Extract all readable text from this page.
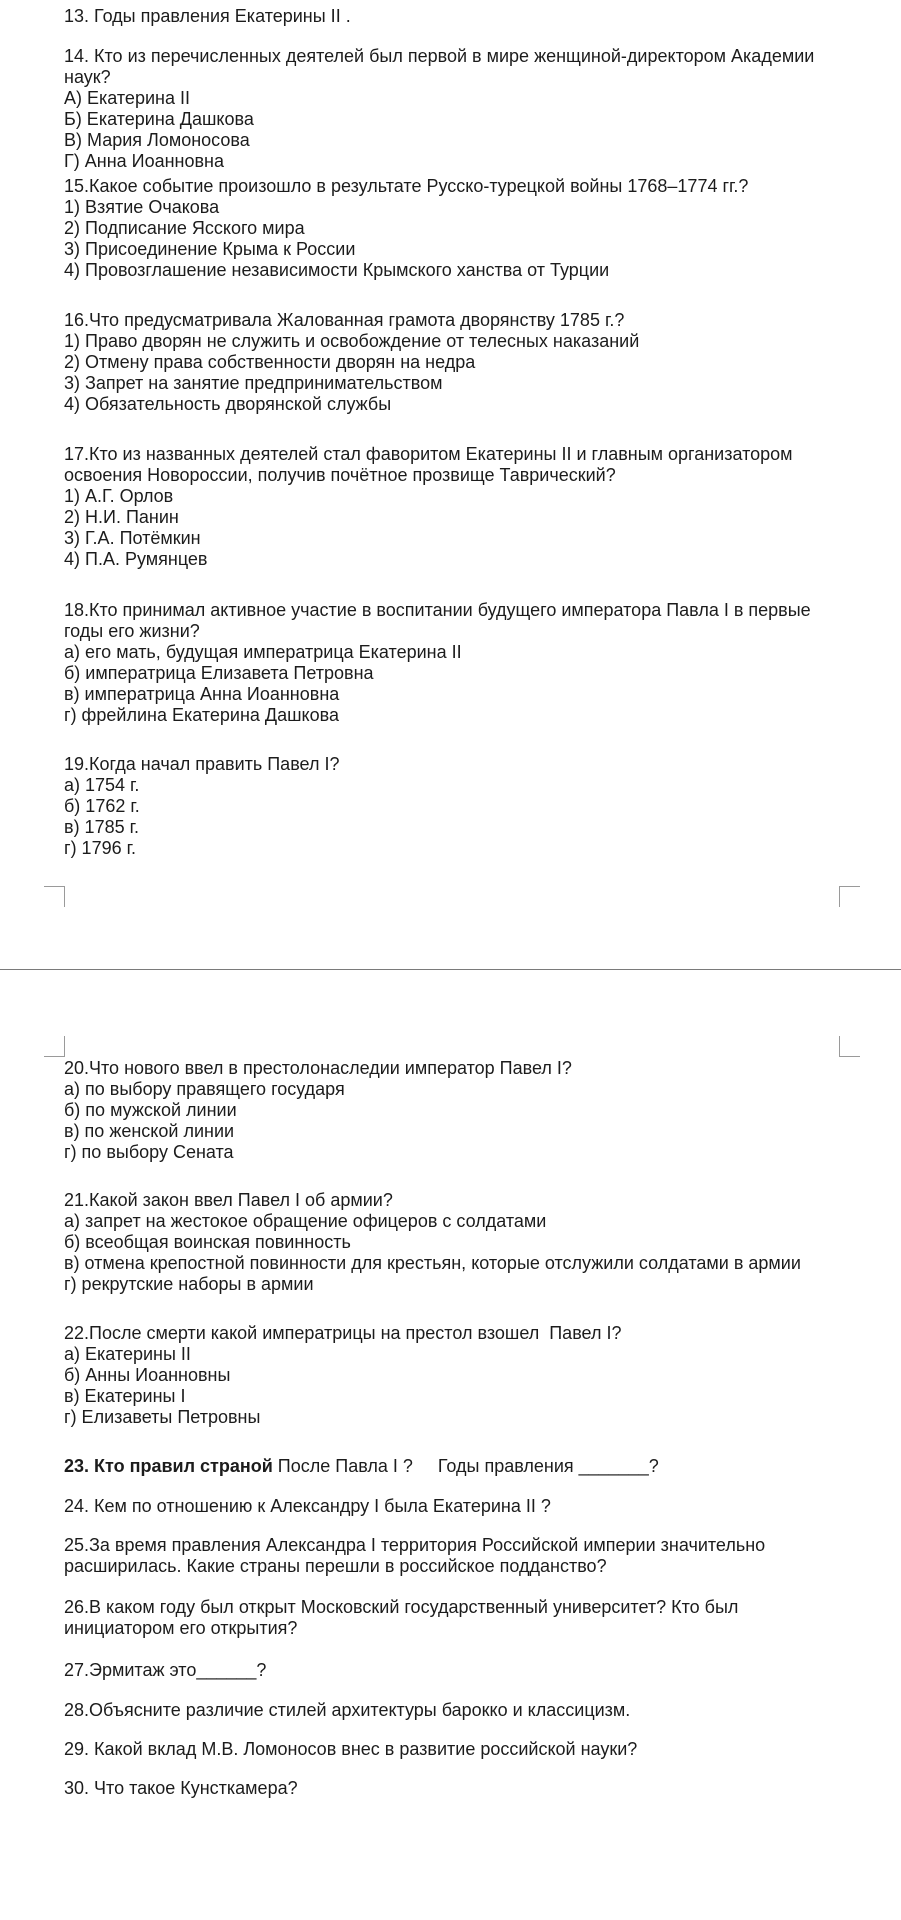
13. Годы правления Екатерины II .
14. Кто из перечисленных деятелей был первой в мире женщиной-директором Академии
наук?
А) Екатерина II
Б) Екатерина Дашкова
В) Мария Ломоносова
Г) Анна Иоанновна
15.Какое событие произошло в результате Русско-турецкой войны 1768–1774 гг.?
1) Взятие Очакова
2) Подписание Ясского мира
3) Присоединение Крыма к России
4) Провозглашение независимости Крымского ханства от Турции
16.Что предусматривала Жалованная грамота дворянству 1785 г.?
1) Право дворян не служить и освобождение от телесных наказаний
2) Отмену права собственности дворян на недра
3) Запрет на занятие предпринимательством
4) Обязательность дворянской службы
17.Кто из названных деятелей стал фаворитом Екатерины II и главным организатором
освоения Новороссии, получив почётное прозвище Таврический?
1) А.Г. Орлов
2) Н.И. Панин
3) Г.А. Потёмкин
4) П.А. Румянцев
18.Кто принимал активное участие в воспитании будущего императора Павла I в первые
годы его жизни?
а) его мать, будущая императрица Екатерина II
б) императрица Елизавета Петровна
в) императрица Анна Иоанновна
г) фрейлина Екатерина Дашкова
19.Когда начал править Павел I?
а) 1754 г.
б) 1762 г.
в) 1785 г.
г) 1796 г.
20.Что нового ввел в престолонаследии император Павел I?
а) по выбору правящего государя
б) по мужской линии
в) по женской линии
г) по выбору Сената
21.Какой закон ввел Павел I об армии?
а) запрет на жестокое обращение офицеров с солдатами
б) всеобщая воинская повинность
в) отмена крепостной повинности для крестьян, которые отслужили солдатами в армии
г) рекрутские наборы в армии
22.После смерти какой императрицы на престол взошел  Павел I?
а) Екатерины II
б) Анны Иоанновны
в) Екатерины I
г) Елизаветы Петровны
23. Кто правил страной После Павла I ?     Годы правления _______?
24. Кем по отношению к Александру I была Екатерина II ?
25.За время правления Александра I территория Российской империи значительно
расширилась. Какие страны перешли в российское подданство?
26.В каком году был открыт Московский государственный университет? Кто был
инициатором его открытия?
27.Эрмитаж это______?
28.Объясните различие стилей архитектуры барокко и классицизм.
29. Какой вклад М.В. Ломоносов внес в развитие российской науки?
30. Что такое Кунсткамера?
